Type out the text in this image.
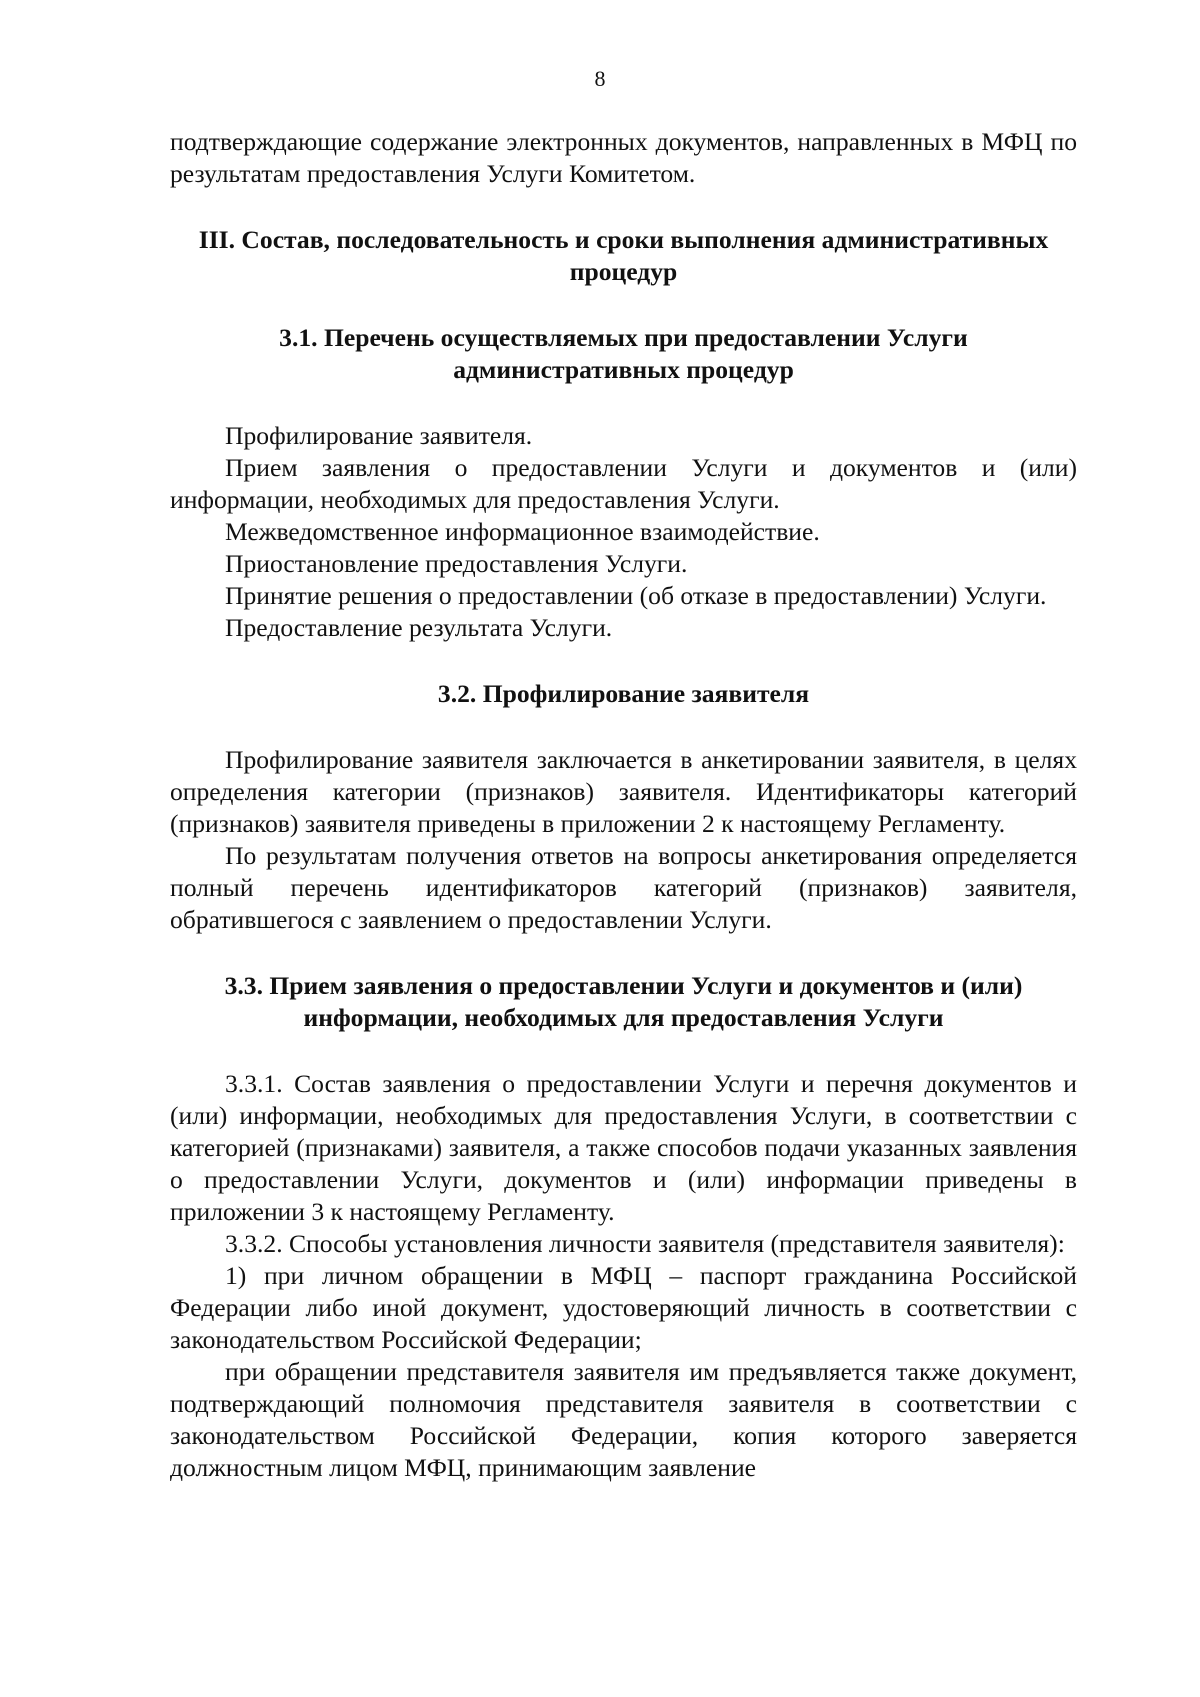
8

подтверждающие содержание электронных документов, направленных в МФЦ по результатам предоставления Услуги Комитетом.

III. Состав, последовательность и сроки выполнения административных процедур
3.1. Перечень осуществляемых при предоставлении Услуги административных процедур

Профилирование заявителя.

Прием заявления о предоставлении Услуги и документов и (или) информации, необходимых для предоставления Услуги.

Межведомственное информационное взаимодействие.

Приостановление предоставления Услуги.

Принятие решения о предоставлении (об отказе в предоставлении) Услуги.

Предоставление результата Услуги.

3.2. Профилирование заявителя

Профилирование заявителя заключается в анкетировании заявителя, в целях определения категории (признаков) заявителя. Идентификаторы категорий (признаков) заявителя приведены в приложении 2 к настоящему Регламенту.

По результатам получения ответов на вопросы анкетирования определяется полный перечень идентификаторов категорий (признаков) заявителя, обратившегося с заявлением о предоставлении Услуги.

3.3. Прием заявления о предоставлении Услуги и документов и (или) информации, необходимых для предоставления Услуги

3.3.1. Состав заявления о предоставлении Услуги и перечня документов и (или) информации, необходимых для предоставления Услуги, в соответствии с категорией (признаками) заявителя, а также способов подачи указанных заявления о предоставлении Услуги, документов и (или) информации приведены в приложении 3 к настоящему Регламенту.

3.3.2. Способы установления личности заявителя (представителя заявителя):

1) при личном обращении в МФЦ – паспорт гражданина Российской Федерации либо иной документ, удостоверяющий личность в соответствии с законодательством Российской Федерации;

при обращении представителя заявителя им предъявляется также документ, подтверждающий полномочия представителя заявителя в соответствии с законодательством Российской Федерации, копия которого заверяется должностным лицом МФЦ, принимающим заявление
